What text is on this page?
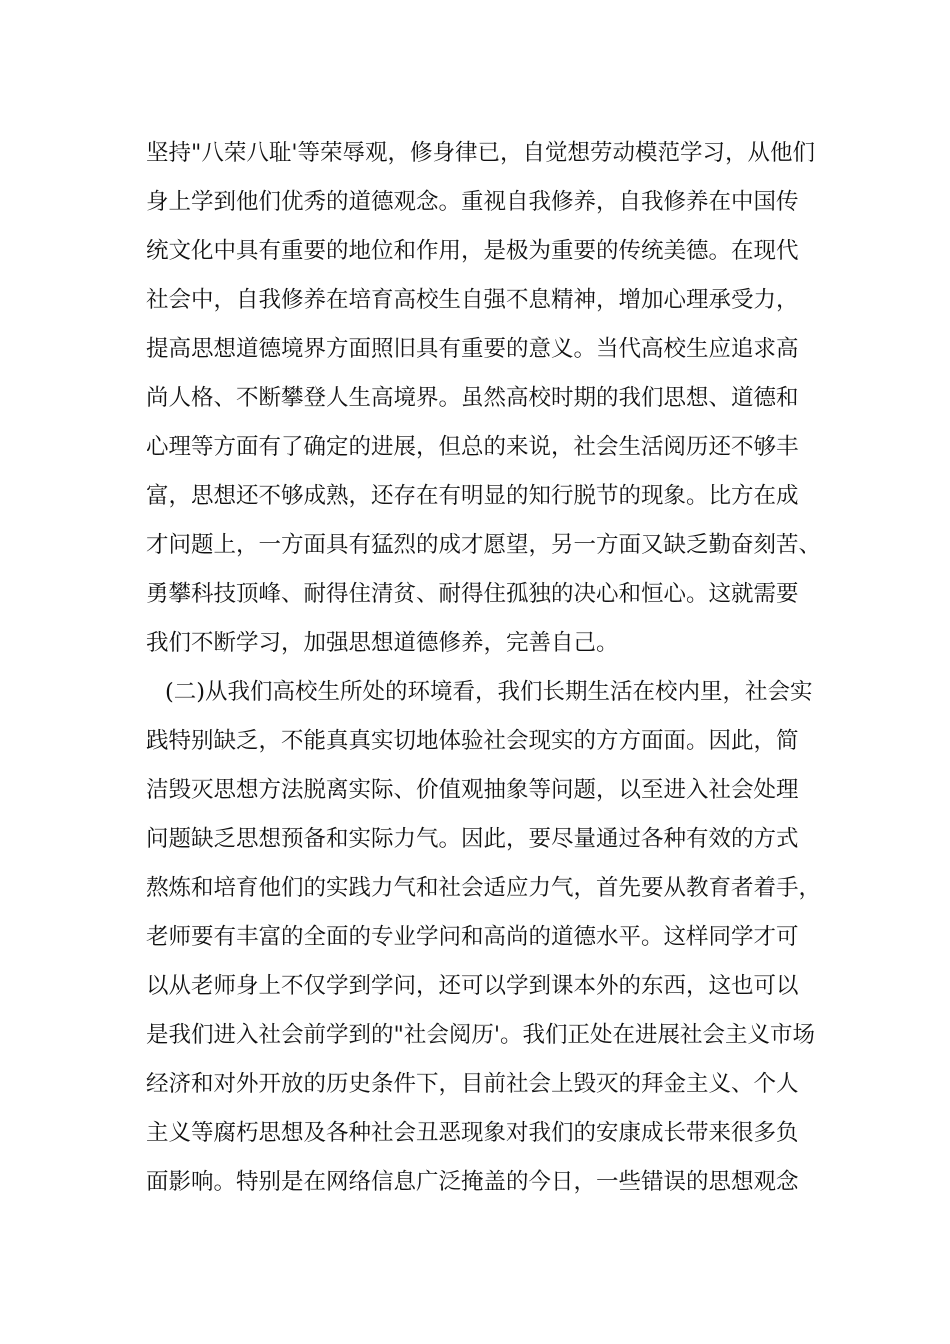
坚持"八荣八耻'等荣辱观，修身律已，自觉想劳动模范学习，从他们
身上学到他们优秀的道德观念。重视自我修养，自我修养在中国传
统文化中具有重要的地位和作用，是极为重要的传统美德。在现代
社会中，自我修养在培育高校生自强不息精神，增加心理承受力，
提高思想道德境界方面照旧具有重要的意义。当代高校生应追求高
尚人格、不断攀登人生高境界。虽然高校时期的我们思想、道德和
心理等方面有了确定的进展，但总的来说，社会生活阅历还不够丰
富，思想还不够成熟，还存在有明显的知行脱节的现象。比方在成
才问题上，一方面具有猛烈的成才愿望，另一方面又缺乏勤奋刻苦、
勇攀科技顶峰、耐得住清贫、耐得住孤独的决心和恒心。这就需要
我们不断学习，加强思想道德修养，完善自己。
(二)从我们高校生所处的环境看，我们长期生活在校内里，社会实
践特别缺乏，不能真真实切地体验社会现实的方方面面。因此，简
洁毁灭思想方法脱离实际、价值观抽象等问题，以至进入社会处理
问题缺乏思想预备和实际力气。因此，要尽量通过各种有效的方式
熬炼和培育他们的实践力气和社会适应力气，首先要从教育者着手，
老师要有丰富的全面的专业学问和高尚的道德水平。这样同学才可
以从老师身上不仅学到学问，还可以学到课本外的东西，这也可以
是我们进入社会前学到的"社会阅历'。我们正处在进展社会主义市场
经济和对外开放的历史条件下，目前社会上毁灭的拜金主义、个人
主义等腐朽思想及各种社会丑恶现象对我们的安康成长带来很多负
面影响。特别是在网络信息广泛掩盖的今日，一些错误的思想观念
